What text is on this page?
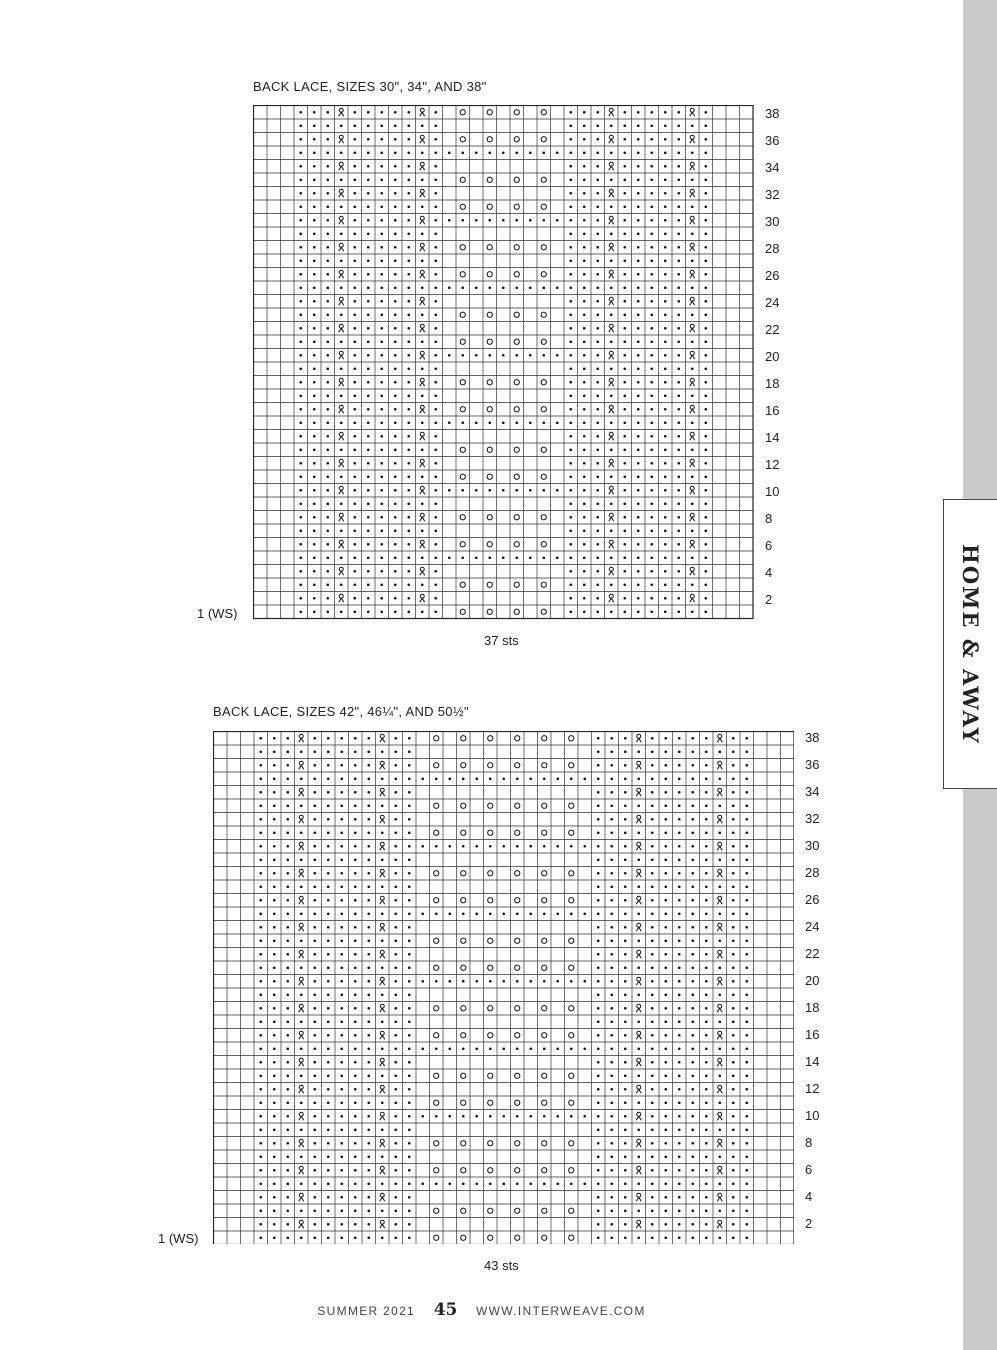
HOME & AWAY
BACK LACE, SIZES 30", 34", AND 38"
2
4
6
8
10
12
14
16
18
20
22
24
26
28
30
32
34
36
38
1 (WS)
37 sts
BACK LACE, SIZES 42", 46¼", AND 50½"
2
4
6
8
10
12
14
16
18
20
22
24
26
28
30
32
34
36
38
1 (WS)
43 sts
SUMMER 2021 45 WWW.INTERWEAVE.COM
